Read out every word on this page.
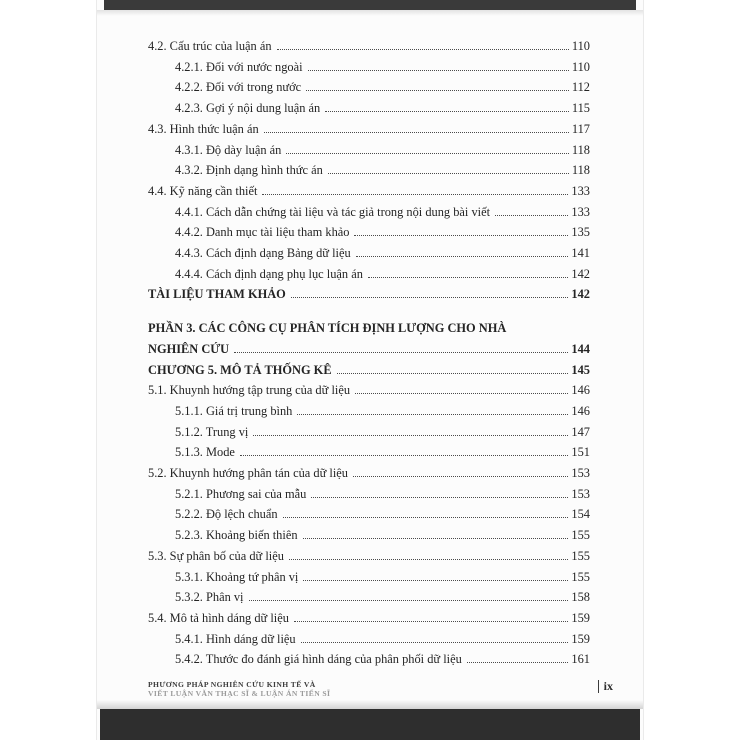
4.2. Cấu trúc của luận án	110
4.2.1. Đối với nước ngoài	110
4.2.2. Đối với trong nước	112
4.2.3. Gợi ý nội dung luận án	115
4.3. Hình thức luận án	117
4.3.1. Độ dày luận án	118
4.3.2. Định dạng hình thức án	118
4.4. Kỹ năng cần thiết	133
4.4.1. Cách dẫn chứng tài liệu và tác giả trong nội dung bài viết	133
4.4.2. Danh mục tài liệu tham khảo	135
4.4.3. Cách định dạng Bảng dữ liệu	141
4.4.4. Cách định dạng phụ lục luận án	142
TÀI LIỆU THAM KHẢO	142
PHẦN 3. CÁC CÔNG CỤ PHÂN TÍCH ĐỊNH LƯỢNG CHO NHÀ
NGHIÊN CỨU	144
CHƯƠNG 5. MÔ TẢ THỐNG KÊ	145
5.1. Khuynh hướng tập trung của dữ liệu	146
5.1.1. Giá trị trung bình	146
5.1.2. Trung vị	147
5.1.3. Mode	151
5.2. Khuynh hướng phân tán của dữ liệu	153
5.2.1. Phương sai của mẫu	153
5.2.2. Độ lệch chuẩn	154
5.2.3. Khoảng biến thiên	155
5.3. Sự phân bố của dữ liệu	155
5.3.1. Khoảng tứ phân vị	155
5.3.2. Phân vị	158
5.4. Mô tả hình dáng dữ liệu	159
5.4.1. Hình dáng dữ liệu	159
5.4.2. Thước đo đánh giá hình dáng của phân phối dữ liệu	161
PHƯƠNG PHÁP NGHIÊN CỨU KINH TẾ VÀ
VIẾT LUẬN VĂN THẠC SĨ & LUẬN ÁN TIẾN SĨ
ix
